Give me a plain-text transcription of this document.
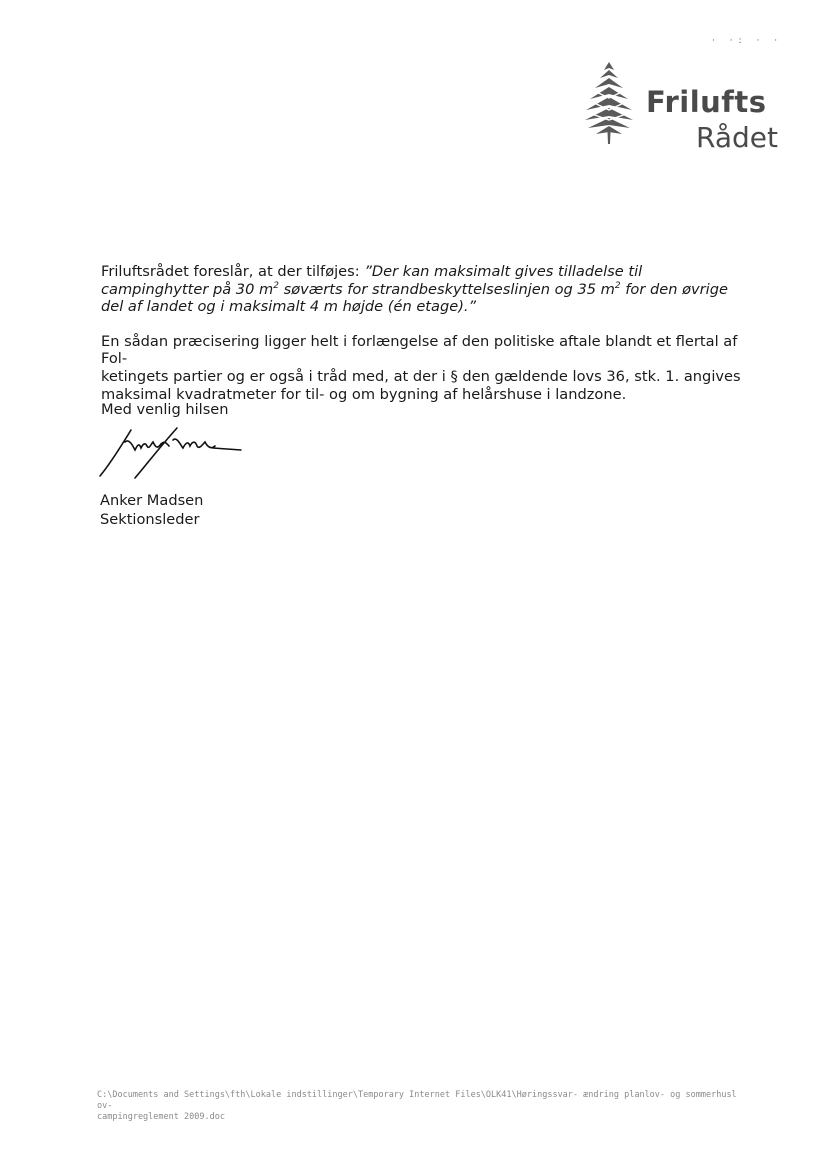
· ·: · ·
Frilufts
Rådet

Friluftsrådet foreslår, at der tilføjes: ”Der kan maksimalt gives tilladelse til campinghytter på 30 $m^2$ søværts for strandbeskyttelseslinjen og 35 $m^2$ for den øvrige del af landet og i maksimalt 4 m højde (én etage).”

En sådan præcisering ligger helt i forlængelse af den politiske aftale blandt et flertal af Fol-
ketingets partier og er også i tråd med, at der i § den gældende lovs 36, stk. 1. angives
maksimal kvadratmeter for til- og om bygning af helårshuse i landzone.

Med venlig hilsen
Anker Madsen
Sektionsleder
C:\Documents and Settings\fth\Lokale indstillinger\Temporary Internet Files\OLK41\Høringssvar- ændring planlov- og sommerhuslov-
campingreglement 2009.doc
